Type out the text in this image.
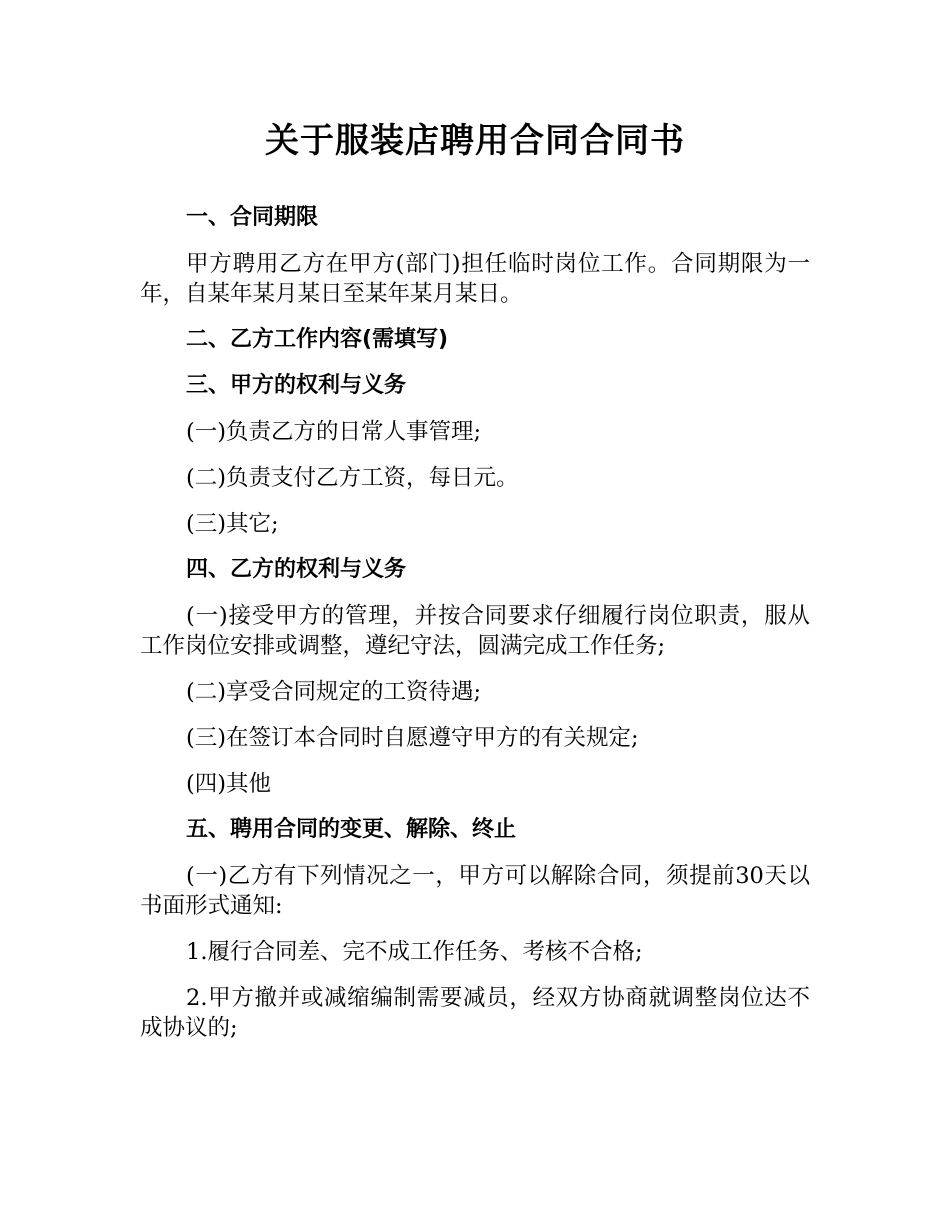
关于服装店聘用合同合同书

一、合同期限

甲方聘用乙方在甲方(部门)担任临时岗位工作。合同期限为一年，自某年某月某日至某年某月某日。

二、乙方工作内容(需填写)

三、甲方的权利与义务

(一)负责乙方的日常人事管理;

(二)负责支付乙方工资，每日元。

(三)其它;

四、乙方的权利与义务

(一)接受甲方的管理，并按合同要求仔细履行岗位职责，服从工作岗位安排或调整，遵纪守法，圆满完成工作任务;

(二)享受合同规定的工资待遇;

(三)在签订本合同时自愿遵守甲方的有关规定;

(四)其他

五、聘用合同的变更、解除、终止

(一)乙方有下列情况之一，甲方可以解除合同，须提前30天以书面形式通知:

1.履行合同差、完不成工作任务、考核不合格;

2.甲方撤并或减缩编制需要减员，经双方协商就调整岗位达不成协议的;
